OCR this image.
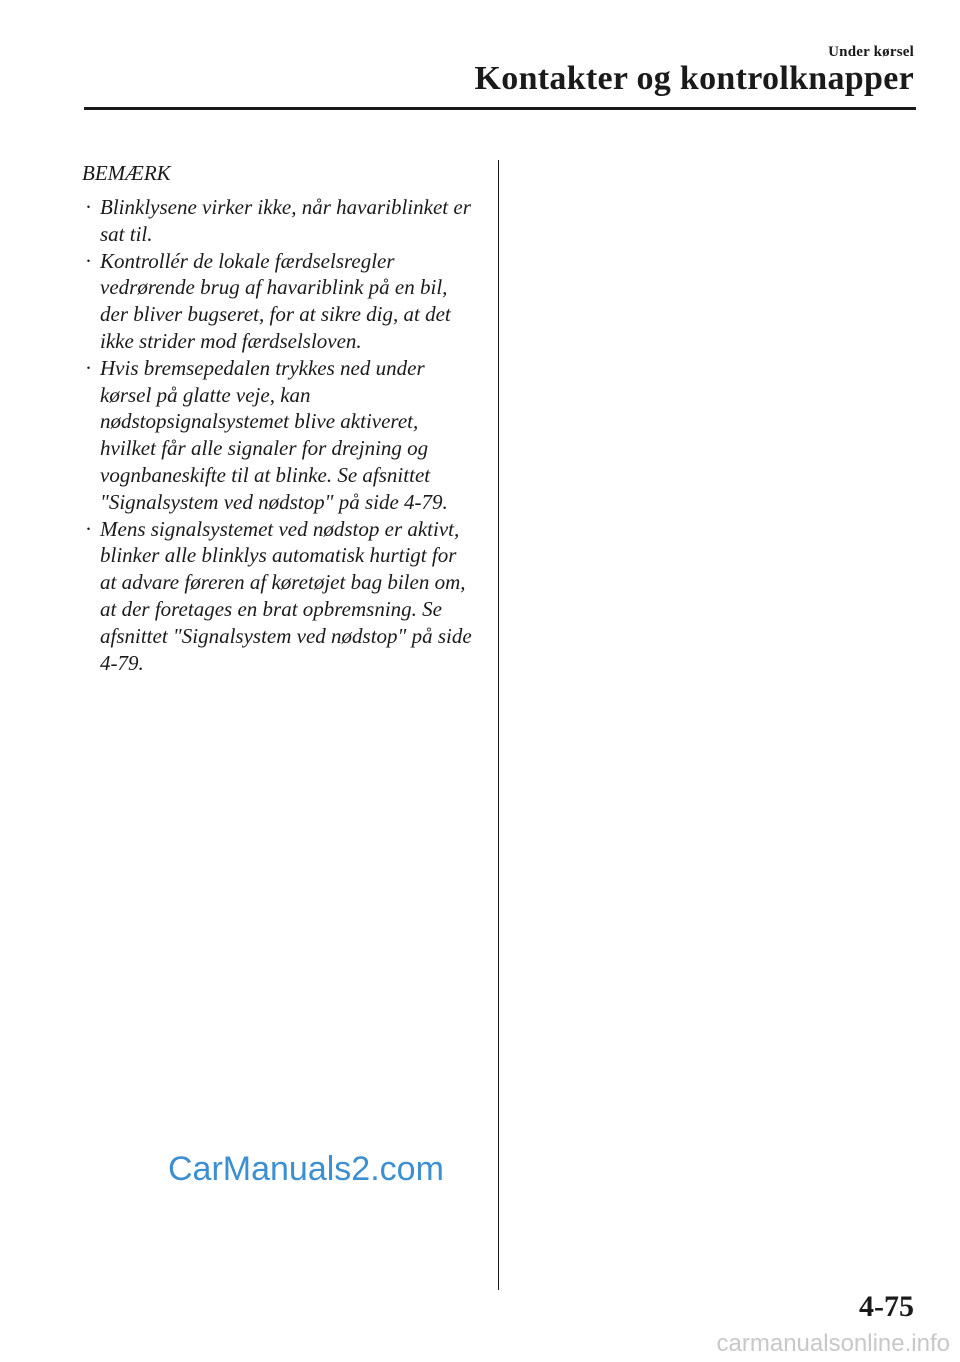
Under kørsel
Kontakter og kontrolknapper
BEMÆRK
· Blinklysene virker ikke, når havariblinket er sat til.
· Kontrollér de lokale færdselsregler vedrørende brug af havariblink på en bil, der bliver bugseret, for at sikre dig, at det ikke strider mod færdselsloven.
· Hvis bremsepedalen trykkes ned under kørsel på glatte veje, kan nødstopsignalsystemet blive aktiveret, hvilket får alle signaler for drejning og vognbaneskifte til at blinke. Se afsnittet "Signalsystem ved nødstop" på side 4-79.
· Mens signalsystemet ved nødstop er aktivt, blinker alle blinklys automatisk hurtigt for at advare føreren af køretøjet bag bilen om, at der foretages en brat opbremsning. Se afsnittet "Signalsystem ved nødstop" på side 4-79.
CarManuals2.com
4-75
carmanualsonline.info
